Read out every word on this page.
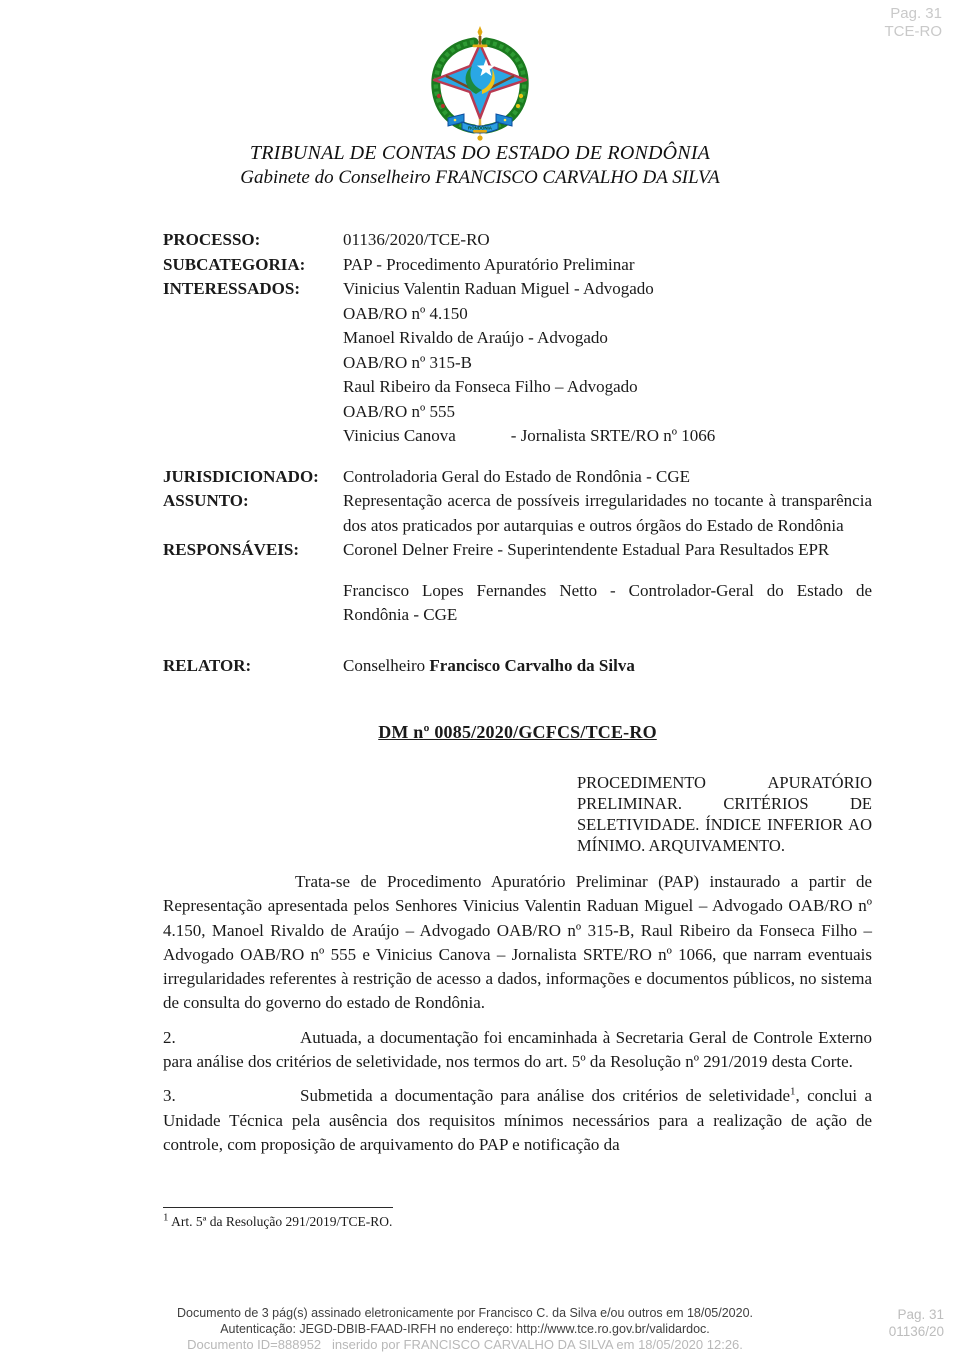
Pag. 31
TCE-RO
RONDÔNIA
TRIBUNAL DE CONTAS DO ESTADO DE RONDÔNIA
Gabinete do Conselheiro FRANCISCO CARVALHO DA SILVA
PROCESSO:	01136/2020/TCE-RO
SUBCATEGORIA:	PAP - Procedimento Apuratório Preliminar
INTERESSADOS:	Vinicius Valentin Raduan Miguel - Advogado
OAB/RO nº 4.150
Manoel Rivaldo de Araújo - Advogado
OAB/RO nº 315-B
Raul Ribeiro da Fonseca Filho – Advogado
OAB/RO nº 555
Vinicius Canova	- Jornalista SRTE/RO nº 1066
JURISDICIONADO:	Controladoria Geral do Estado de Rondônia - CGE
ASSUNTO:	Representação acerca de possíveis irregularidades no tocante à transparência dos atos praticados por autarquias e outros órgãos do Estado de Rondônia
RESPONSÁVEIS:	Coronel Delner Freire - Superintendente Estadual Para Resultados EPR
Francisco Lopes Fernandes Netto - Controlador-Geral do Estado de Rondônia - CGE
RELATOR:	Conselheiro Francisco Carvalho da Silva
DM nº 0085/2020/GCFCS/TCE-RO
PROCEDIMENTO APURATÓRIO PRELIMINAR. CRITÉRIOS DE SELETIVIDADE. ÍNDICE INFERIOR AO MÍNIMO. ARQUIVAMENTO.

Trata-se de Procedimento Apuratório Preliminar (PAP) instaurado a partir de Representação apresentada pelos Senhores Vinicius Valentin Raduan Miguel – Advogado OAB/RO nº 4.150, Manoel Rivaldo de Araújo – Advogado OAB/RO nº 315-B, Raul Ribeiro da Fonseca Filho – Advogado OAB/RO nº 555 e Vinicius Canova – Jornalista SRTE/RO nº 1066, que narram eventuais irregularidades referentes à restrição de acesso a dados, informações e documentos públicos, no sistema de consulta do governo do estado de Rondônia.

2.	Autuada, a documentação foi encaminhada à Secretaria Geral de Controle Externo para análise dos critérios de seletividade, nos termos do art. 5º da Resolução nº 291/2019 desta Corte.

3.	Submetida a documentação para análise dos critérios de seletividade$^1$, conclui a Unidade Técnica pela ausência dos requisitos mínimos necessários para a realização de ação de controle, com proposição de arquivamento do PAP e notificação da

$^1$ Art. 5ª da Resolução 291/2019/TCE-RO.
Documento de 3 pág(s) assinado eletronicamente por Francisco C. da Silva e/ou outros em 18/05/2020.
Autenticação: JEGD-DBIB-FAAD-IRFH no endereço: http://www.tce.ro.gov.br/validardoc.
Documento ID=888952   inserido por FRANCISCO CARVALHO DA SILVA em 18/05/2020 12:26.
Pag. 31
01136/20
